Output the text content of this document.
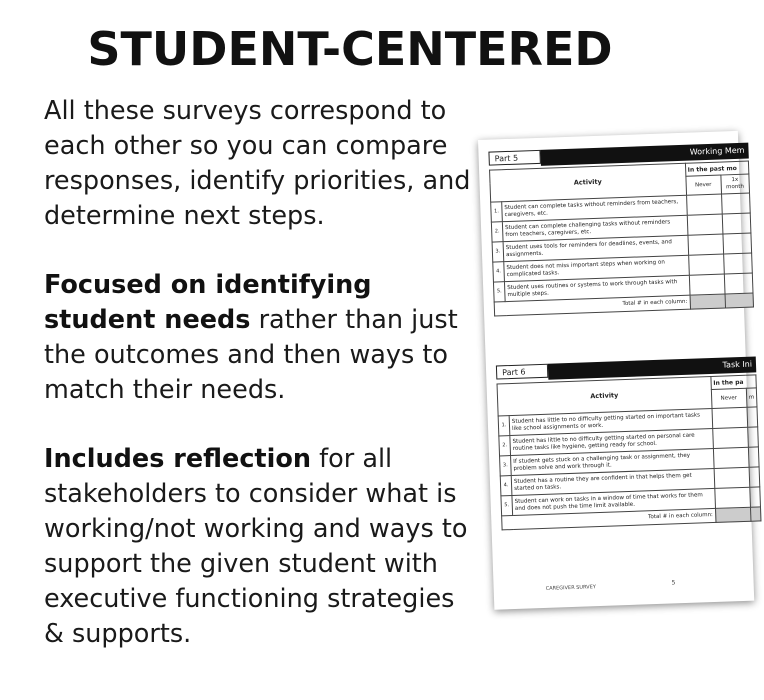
STUDENT-CENTERED

All these surveys correspond to each other so you can compare responses, identify priorities, and determine next steps.

Focused on identifying student needs rather than just the outcomes and then ways to match their needs.

Includes reflection for all stakeholders to consider what is working/not working and ways to support the given student with executive functioning strategies & supports.

Part 5
Working Mem
Activity		In the past mo	
		Never	1x month
1.	Student can complete tasks without reminders from teachers, caregivers, etc.		
2.	Student can complete challenging tasks without reminders from teachers, caregivers, etc.		
3.	Student uses tools for reminders for deadlines, events, and assignments.		
4.	Student does not miss important steps when working on complicated tasks.		
5.	Student uses routines or systems to work through tasks with multiple steps.		
Total # in each column:			
Part 6
Task Ini
Activity		In the pa	
		Never	m
1.	Student has little to no difficulty getting started on important tasks like school assignments or work.		
2.	Student has little to no difficulty getting started on personal care routine tasks like hygiene, getting ready for school.		
3.	If student gets stuck on a challenging task or assignment, they problem solve and work through it.		
4.	Student has a routine they are confident in that helps them get started on tasks.		
5.	Student can work on tasks in a window of time that works for them and does not push the time limit available.		
Total # in each column:			
CAREGIVER SURVEY
5
